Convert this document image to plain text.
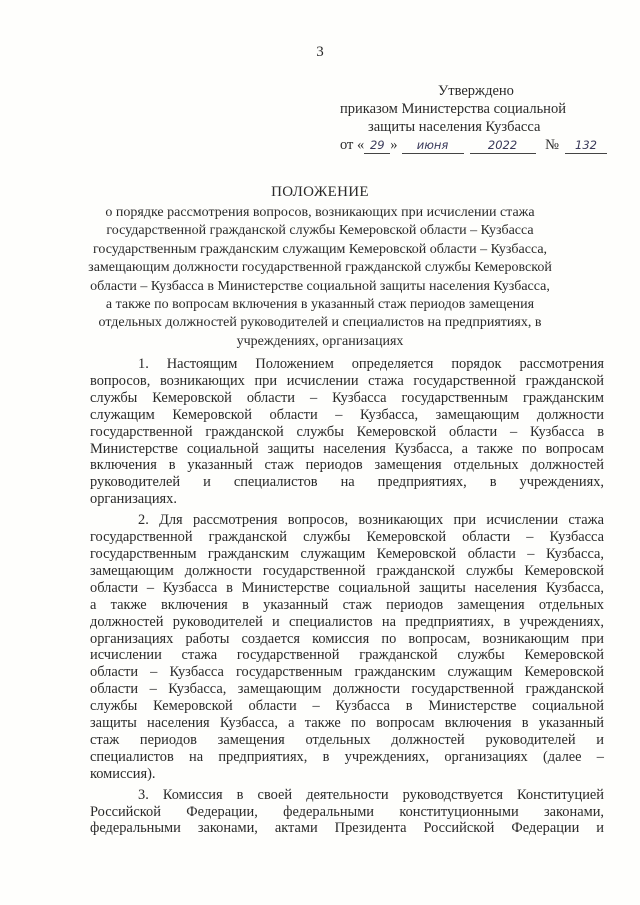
3
Утверждено
приказом Министерства социальной
защиты населения Кузбасса
от « 29 » июня	2022 № 132
ПОЛОЖЕНИЕ
о порядке рассмотрения вопросов, возникающих при исчислении стажа
государственной гражданской службы Кемеровской области – Кузбасса
государственным гражданским служащим Кемеровской области – Кузбасса,
замещающим должности государственной гражданской службы Кемеровской
области – Кузбасса в Министерстве социальной защиты населения Кузбасса,
а также по вопросам включения в указанный стаж периодов замещения
отдельных должностей руководителей и специалистов на предприятиях, в
учреждениях, организациях
1. Настоящим Положением определяется порядок рассмотрения
вопросов, возникающих при исчислении стажа государственной гражданской
службы Кемеровской области – Кузбасса государственным гражданским
служащим Кемеровской области – Кузбасса, замещающим должности
государственной гражданской службы Кемеровской области – Кузбасса в
Министерстве социальной защиты населения Кузбасса, а также по вопросам
включения в указанный стаж периодов замещения отдельных должностей
руководителей и специалистов на предприятиях, в учреждениях,
организациях.
2. Для рассмотрения вопросов, возникающих при исчислении стажа
государственной гражданской службы Кемеровской области – Кузбасса
государственным гражданским служащим Кемеровской области – Кузбасса,
замещающим должности государственной гражданской службы Кемеровской
области – Кузбасса в Министерстве социальной защиты населения Кузбасса,
а также включения в указанный стаж периодов замещения отдельных
должностей руководителей и специалистов на предприятиях, в учреждениях,
организациях работы создается комиссия по вопросам, возникающим при
исчислении стажа государственной гражданской службы Кемеровской
области – Кузбасса государственным гражданским служащим Кемеровской
области – Кузбасса, замещающим должности государственной гражданской
службы Кемеровской области – Кузбасса в Министерстве социальной
защиты населения Кузбасса, а также по вопросам включения в указанный
стаж периодов замещения отдельных должностей руководителей и
специалистов на предприятиях, в учреждениях, организациях (далее –
комиссия).
3. Комиссия в своей деятельности руководствуется Конституцией
Российской Федерации, федеральными конституционными законами,
федеральными законами, актами Президента Российской Федерации и
